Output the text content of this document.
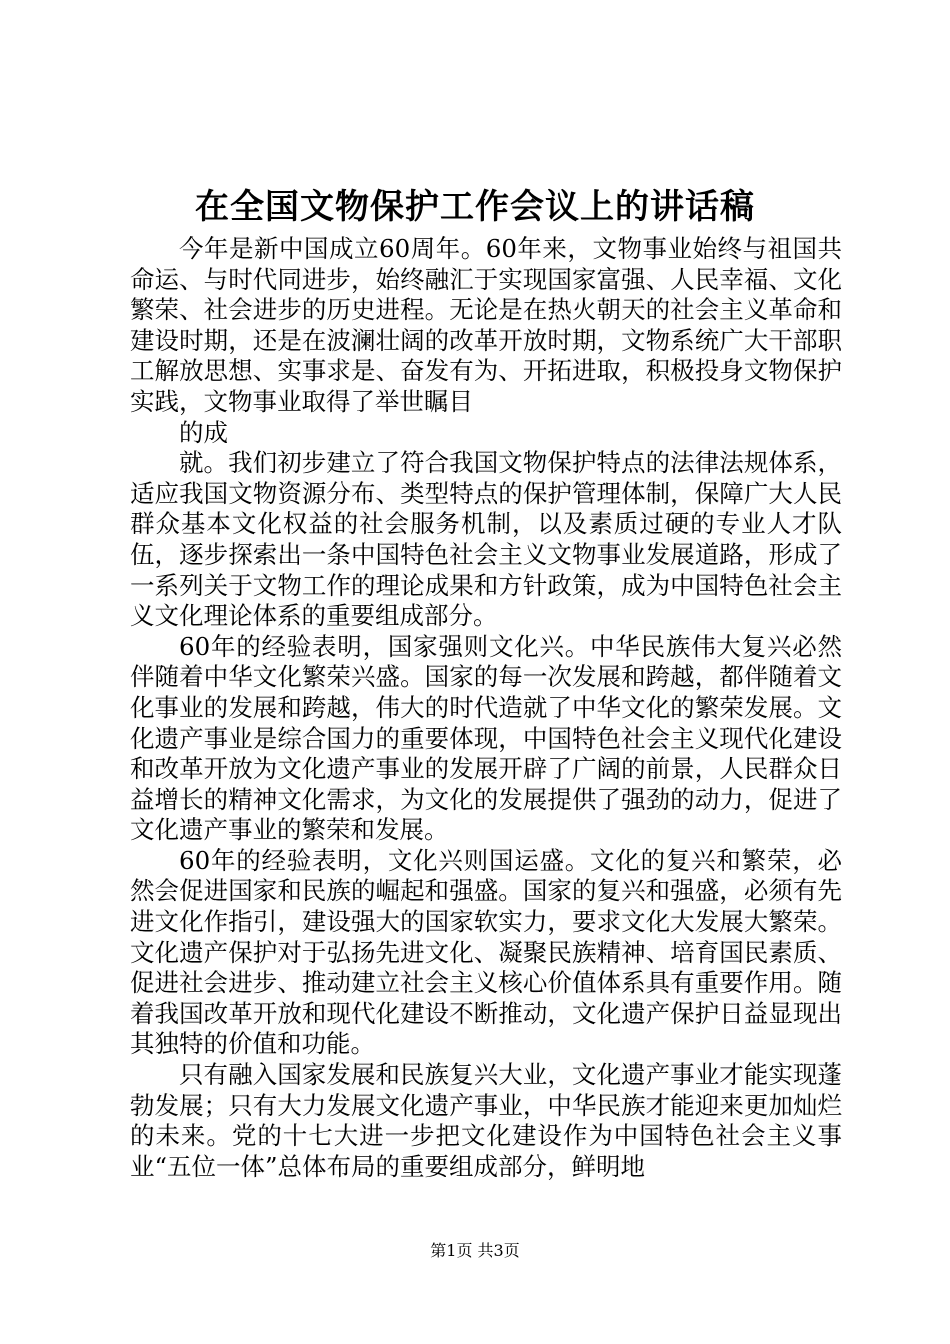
在全国文物保护工作会议上的讲话稿

今年是新中国成立60周年。60年来，文物事业始终与祖国共命运、与时代同进步，始终融汇于实现国家富强、人民幸福、文化繁荣、社会进步的历史进程。无论是在热火朝天的社会主义革命和建设时期，还是在波澜壮阔的改革开放时期，文物系统广大干部职工解放思想、实事求是、奋发有为、开拓进取，积极投身文物保护实践，文物事业取得了举世瞩目

的成

就。我们初步建立了符合我国文物保护特点的法律法规体系，适应我国文物资源分布、类型特点的保护管理体制，保障广大人民群众基本文化权益的社会服务机制，以及素质过硬的专业人才队伍，逐步探索出一条中国特色社会主义文物事业发展道路，形成了一系列关于文物工作的理论成果和方针政策，成为中国特色社会主义文化理论体系的重要组成部分。

60年的经验表明，国家强则文化兴。中华民族伟大复兴必然伴随着中华文化繁荣兴盛。国家的每一次发展和跨越，都伴随着文化事业的发展和跨越，伟大的时代造就了中华文化的繁荣发展。文化遗产事业是综合国力的重要体现，中国特色社会主义现代化建设和改革开放为文化遗产事业的发展开辟了广阔的前景，人民群众日益增长的精神文化需求，为文化的发展提供了强劲的动力，促进了文化遗产事业的繁荣和发展。

60年的经验表明，文化兴则国运盛。文化的复兴和繁荣，必然会促进国家和民族的崛起和强盛。国家的复兴和强盛，必须有先进文化作指引，建设强大的国家软实力，要求文化大发展大繁荣。文化遗产保护对于弘扬先进文化、凝聚民族精神、培育国民素质、促进社会进步、推动建立社会主义核心价值体系具有重要作用。随着我国改革开放和现代化建设不断推动，文化遗产保护日益显现出其独特的价值和功能。

只有融入国家发展和民族复兴大业，文化遗产事业才能实现蓬勃发展；只有大力发展文化遗产事业，中华民族才能迎来更加灿烂的未来。党的十七大进一步把文化建设作为中国特色社会主义事业“五位一体”总体布局的重要组成部分，鲜明地

第1页 共3页
